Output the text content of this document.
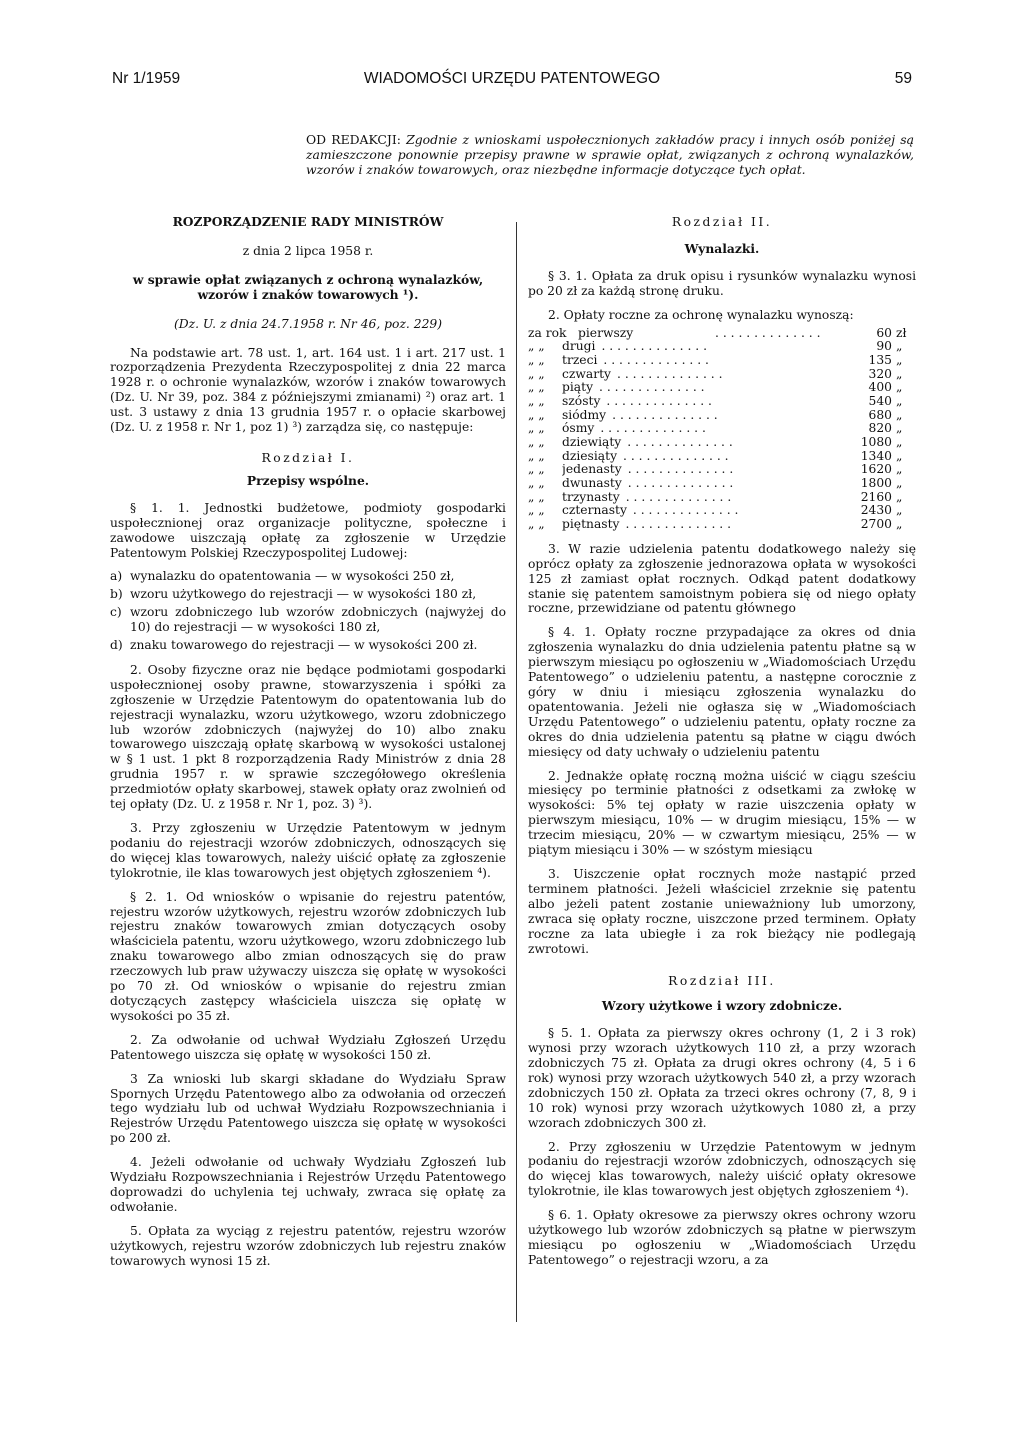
Nr 1/1959	WIADOMOŚCI URZĘDU PATENTOWEGO	59
OD REDAKCJI: Zgodnie z wnioskami uspołecznionych zakładów pracy i innych osób poniżej są zamieszczone ponownie przepisy prawne w sprawie opłat, związanych z ochroną wynalazków, wzorów i znaków towarowych, oraz niezbędne informacje dotyczące tych opłat.

ROZPORZĄDZENIE RADY MINISTRÓW

z dnia 2 lipca 1958 r.

w sprawie opłat związanych z ochroną wynalazków, wzorów i znaków towarowych ¹).

(Dz. U. z dnia 24.7.1958 r. Nr 46, poz. 229)

Na podstawie art. 78 ust. 1, art. 164 ust. 1 i art. 217 ust. 1 rozporządzenia Prezydenta Rzeczypospolitej z dnia 22 marca 1928 r. o ochronie wynalazków, wzorów i znaków towarowych (Dz. U. Nr 39, poz. 384 z późniejszymi zmianami) ²) oraz art. 1 ust. 3 ustawy z dnia 13 grudnia 1957 r. o opłacie skarbowej (Dz. U. z 1958 r. Nr 1, poz 1) ³) zarządza się, co następuje:

Rozdział I.

Przepisy wspólne.

§ 1. 1. Jednostki budżetowe, podmioty gospodarki uspołecznionej oraz organizacje polityczne, społeczne i zawodowe uiszczają opłatę za zgłoszenie w Urzędzie Patentowym Polskiej Rzeczypospolitej Ludowej:

a) wynalazku do opatentowania — w wysokości 250 zł,
b) wzoru użytkowego do rejestracji — w wysokości 180 zł,
c) wzoru zdobniczego lub wzorów zdobniczych (najwyżej do 10) do rejestracji — w wysokości 180 zł,
d) znaku towarowego do rejestracji — w wysokości 200 zł.

2. Osoby fizyczne oraz nie będące podmiotami gospodarki uspołecznionej osoby prawne, stowarzyszenia i spółki za zgłoszenie w Urzędzie Patentowym do opatentowania lub do rejestracji wynalazku, wzoru użytkowego, wzoru zdobniczego lub wzorów zdobniczych (najwyżej do 10) albo znaku towarowego uiszczają opłatę skarbową w wysokości ustalonej w § 1 ust. 1 pkt 8 rozporządzenia Rady Ministrów z dnia 28 grudnia 1957 r. w sprawie szczegółowego określenia przedmiotów opłaty skarbowej, stawek opłaty oraz zwolnień od tej opłaty (Dz. U. z 1958 r. Nr 1, poz. 3) ³).

3. Przy zgłoszeniu w Urzędzie Patentowym w jednym podaniu do rejestracji wzorów zdobniczych, odnoszących się do więcej klas towarowych, należy uiścić opłatę za zgłoszenie tylokrotnie, ile klas towarowych jest objętych zgłoszeniem ⁴).

§ 2. 1. Od wniosków o wpisanie do rejestru patentów, rejestru wzorów użytkowych, rejestru wzorów zdobniczych lub rejestru znaków towarowych zmian dotyczących osoby właściciela patentu, wzoru użytkowego, wzoru zdobniczego lub znaku towarowego albo zmian odnoszących się do praw rzeczowych lub praw używaczy uiszcza się opłatę w wysokości po 70 zł. Od wniosków o wpisanie do rejestru zmian dotyczących zastępcy właściciela uiszcza się opłatę w wysokości po 35 zł.

2. Za odwołanie od uchwał Wydziału Zgłoszeń Urzędu Patentowego uiszcza się opłatę w wysokości 150 zł.

3 Za wnioski lub skargi składane do Wydziału Spraw Spornych Urzędu Patentowego albo za odwołania od orzeczeń tego wydziału lub od uchwał Wydziału Rozpowszechniania i Rejestrów Urzędu Patentowego uiszcza się opłatę w wysokości po 200 zł.

4. Jeżeli odwołanie od uchwały Wydziału Zgłoszeń lub Wydziału Rozpowszechniania i Rejestrów Urzędu Patentowego doprowadzi do uchylenia tej uchwały, zwraca się opłatę za odwołanie.

5. Opłata za wyciąg z rejestru patentów, rejestru wzorów użytkowych, rejestru wzorów zdobniczych lub rejestru znaków towarowych wynosi 15 zł.

Rozdział II.

Wynalazki.

§ 3. 1. Opłata za druk opisu i rysunków wynalazku wynosi po 20 zł za każdą stronę druku.

2. Opłaty roczne za ochronę wynalazku wynoszą:

za rok pierwszy	. . . . . . . . . . . . . .	60 zł
„ „	drugi . . . . . . . . . . . . . .	90 „
„ „	trzeci . . . . . . . . . . . . . .	135 „
„ „	czwarty . . . . . . . . . . . . . .	320 „
„ „	piąty . . . . . . . . . . . . . .	400 „
„ „	szósty . . . . . . . . . . . . . .	540 „
„ „	siódmy . . . . . . . . . . . . . .	680 „
„ „	ósmy . . . . . . . . . . . . . .	820 „
„ „	dziewiąty . . . . . . . . . . . . . .	1080 „
„ „	dziesiąty . . . . . . . . . . . . . .	1340 „
„ „	jedenasty . . . . . . . . . . . . . .	1620 „
„ „	dwunasty . . . . . . . . . . . . . .	1800 „
„ „	trzynasty . . . . . . . . . . . . . .	2160 „
„ „	czternasty . . . . . . . . . . . . . .	2430 „
„ „	piętnasty . . . . . . . . . . . . . .	2700 „

3. W razie udzielenia patentu dodatkowego należy się oprócz opłaty za zgłoszenie jednorazowa opłata w wysokości 125 zł zamiast opłat rocznych. Odkąd patent dodatkowy stanie się patentem samoistnym pobiera się od niego opłaty roczne, przewidziane od patentu głównego

§ 4. 1. Opłaty roczne przypadające za okres od dnia zgłoszenia wynalazku do dnia udzielenia patentu płatne są w pierwszym miesiącu po ogłoszeniu w „Wiadomościach Urzędu Patentowego” o udzieleniu patentu, a następne corocznie z góry w dniu i miesiącu zgłoszenia wynalazku do opatentowania. Jeżeli nie ogłasza się w „Wiadomościach Urzędu Patentowego” o udzieleniu patentu, opłaty roczne za okres do dnia udzielenia patentu są płatne w ciągu dwóch miesięcy od daty uchwały o udzieleniu patentu

2. Jednakże opłatę roczną można uiścić w ciągu sześciu miesięcy po terminie płatności z odsetkami za zwłokę w wysokości: 5% tej opłaty w razie uiszczenia opłaty w pierwszym miesiącu, 10% — w drugim miesiącu, 15% — w trzecim miesiącu, 20% — w czwartym miesiącu, 25% — w piątym miesiącu i 30% — w szóstym miesiącu

3. Uiszczenie opłat rocznych może nastąpić przed terminem płatności. Jeżeli właściciel zrzeknie się patentu albo jeżeli patent zostanie unieważniony lub umorzony, zwraca się opłaty roczne, uiszczone przed terminem. Opłaty roczne za lata ubiegłe i za rok bieżący nie podlegają zwrotowi.

Rozdział III.

Wzory użytkowe i wzory zdobnicze.

§ 5. 1. Opłata za pierwszy okres ochrony (1, 2 i 3 rok) wynosi przy wzorach użytkowych 110 zł, a przy wzorach zdobniczych 75 zł. Opłata za drugi okres ochrony (4, 5 i 6 rok) wynosi przy wzorach użytkowych 540 zł, a przy wzorach zdobniczych 150 zł. Opłata za trzeci okres ochrony (7, 8, 9 i 10 rok) wynosi przy wzorach użytkowych 1080 zł, a przy wzorach zdobniczych 300 zł.

2. Przy zgłoszeniu w Urzędzie Patentowym w jednym podaniu do rejestracji wzorów zdobniczych, odnoszących się do więcej klas towarowych, należy uiścić opłaty okresowe tylokrotnie, ile klas towarowych jest objętych zgłoszeniem ⁴).

§ 6. 1. Opłaty okresowe za pierwszy okres ochrony wzoru użytkowego lub wzorów zdobniczych są płatne w pierwszym miesiącu po ogłoszeniu w „Wiadomościach Urzędu Patentowego” o rejestracji wzoru, a za
